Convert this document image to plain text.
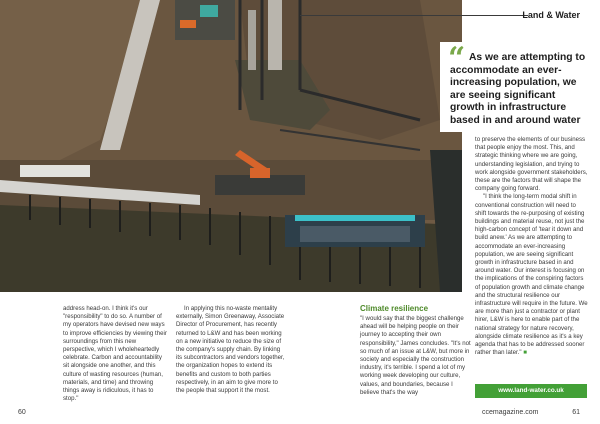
Land & Water
“ As we are attempting to accommodate an ever-increasing population, we are seeing significant growth in infrastructure based in and around water

address head-on. I think it's our "responsibility" to do so. A number of my operators have devised new ways to improve efficiencies by viewing their surroundings from this new perspective, which I wholeheartedly celebrate. Carbon and accountability sit alongside one another, and this culture of wasting resources (human, materials, and time) and throwing things away is ridiculous, it has to stop."

In applying this no-waste mentality externally, Simon Greenaway, Associate Director of Procurement, has recently returned to L&W and has been working on a new initiative to reduce the size of the company's supply chain. By linking its subcontractors and vendors together, the organization hopes to extend its benefits and custom to both parties respectively, in an aim to give more to the people that support it the most.

Climate resilience

"I would say that the biggest challenge ahead will be helping people on their journey to accepting their own responsibility," James concludes. "It's not so much of an issue at L&W, but more in society and especially the construction industry, it's terrible. I spend a lot of my working week developing our culture, values, and boundaries, because I believe that's the way

to preserve the elements of our business that people enjoy the most. This, and strategic thinking where we are going, understanding legislation, and trying to work alongside government stakeholders, these are the factors that will shape the company going forward.

"I think the long-term modal shift in conventional construction will need to shift towards the re-purposing of existing buildings and material reuse, not just the high-carbon concept of 'tear it down and build anew.' As we are attempting to accommodate an ever-increasing population, we are seeing significant growth in infrastructure based in and around water. Our interest is focusing on the implications of the conspiring factors of population growth and climate change and the structural resilience our infrastructure will require in the future. We are more than just a contractor or plant hirer, L&W is here to enable part of the national strategy for nature recovery, alongside climate resilience as it's a key agenda that has to be addressed sooner rather than later." ■

www.land-water.co.uk
60	ccemagazine.com	61
